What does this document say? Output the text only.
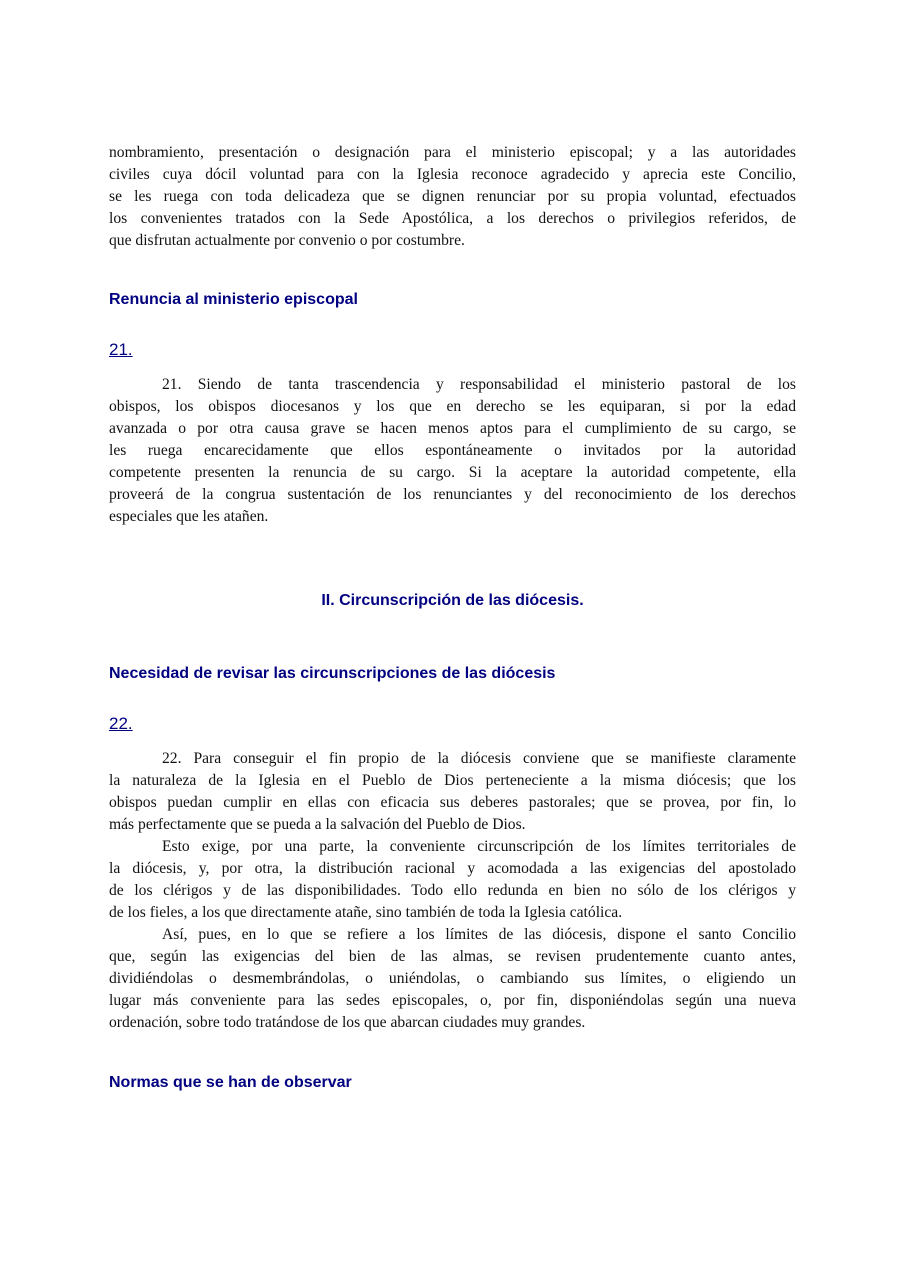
nombramiento, presentación o designación para el ministerio episcopal; y a las autoridades
civiles cuya dócil voluntad para con la Iglesia reconoce agradecido y aprecia este Concilio,
se les ruega con toda delicadeza que se dignen renunciar por su propia voluntad, efectuados
los convenientes tratados con la Sede Apostólica, a los derechos o privilegios referidos, de
que disfrutan actualmente por convenio o por costumbre.
Renuncia al ministerio episcopal
21.
21. Siendo de tanta trascendencia y responsabilidad el ministerio pastoral de los
obispos, los obispos diocesanos y los que en derecho se les equiparan, si por la edad
avanzada o por otra causa grave se hacen menos aptos para el cumplimiento de su cargo, se
les ruega encarecidamente que ellos espontáneamente o invitados por la autoridad
competente presenten la renuncia de su cargo. Si la aceptare la autoridad competente, ella
proveerá de la congrua sustentación de los renunciantes y del reconocimiento de los derechos
especiales que les atañen.
II. Circunscripción de las diócesis.
Necesidad de revisar las circunscripciones de las diócesis
22.
22. Para conseguir el fin propio de la diócesis conviene que se manifieste claramente
la naturaleza de la Iglesia en el Pueblo de Dios perteneciente a la misma diócesis; que los
obispos puedan cumplir en ellas con eficacia sus deberes pastorales; que se provea, por fin, lo
más perfectamente que se pueda a la salvación del Pueblo de Dios.
Esto exige, por una parte, la conveniente circunscripción de los límites territoriales de
la diócesis, y, por otra, la distribución racional y acomodada a las exigencias del apostolado
de los clérigos y de las disponibilidades. Todo ello redunda en bien no sólo de los clérigos y
de los fieles, a los que directamente atañe, sino también de toda la Iglesia católica.
Así, pues, en lo que se refiere a los límites de las diócesis, dispone el santo Concilio
que, según las exigencias del bien de las almas, se revisen prudentemente cuanto antes,
dividiéndolas o desmembrándolas, o uniéndolas, o cambiando sus límites, o eligiendo un
lugar más conveniente para las sedes episcopales, o, por fin, disponiéndolas según una nueva
ordenación, sobre todo tratándose de los que abarcan ciudades muy grandes.
Normas que se han de observar
